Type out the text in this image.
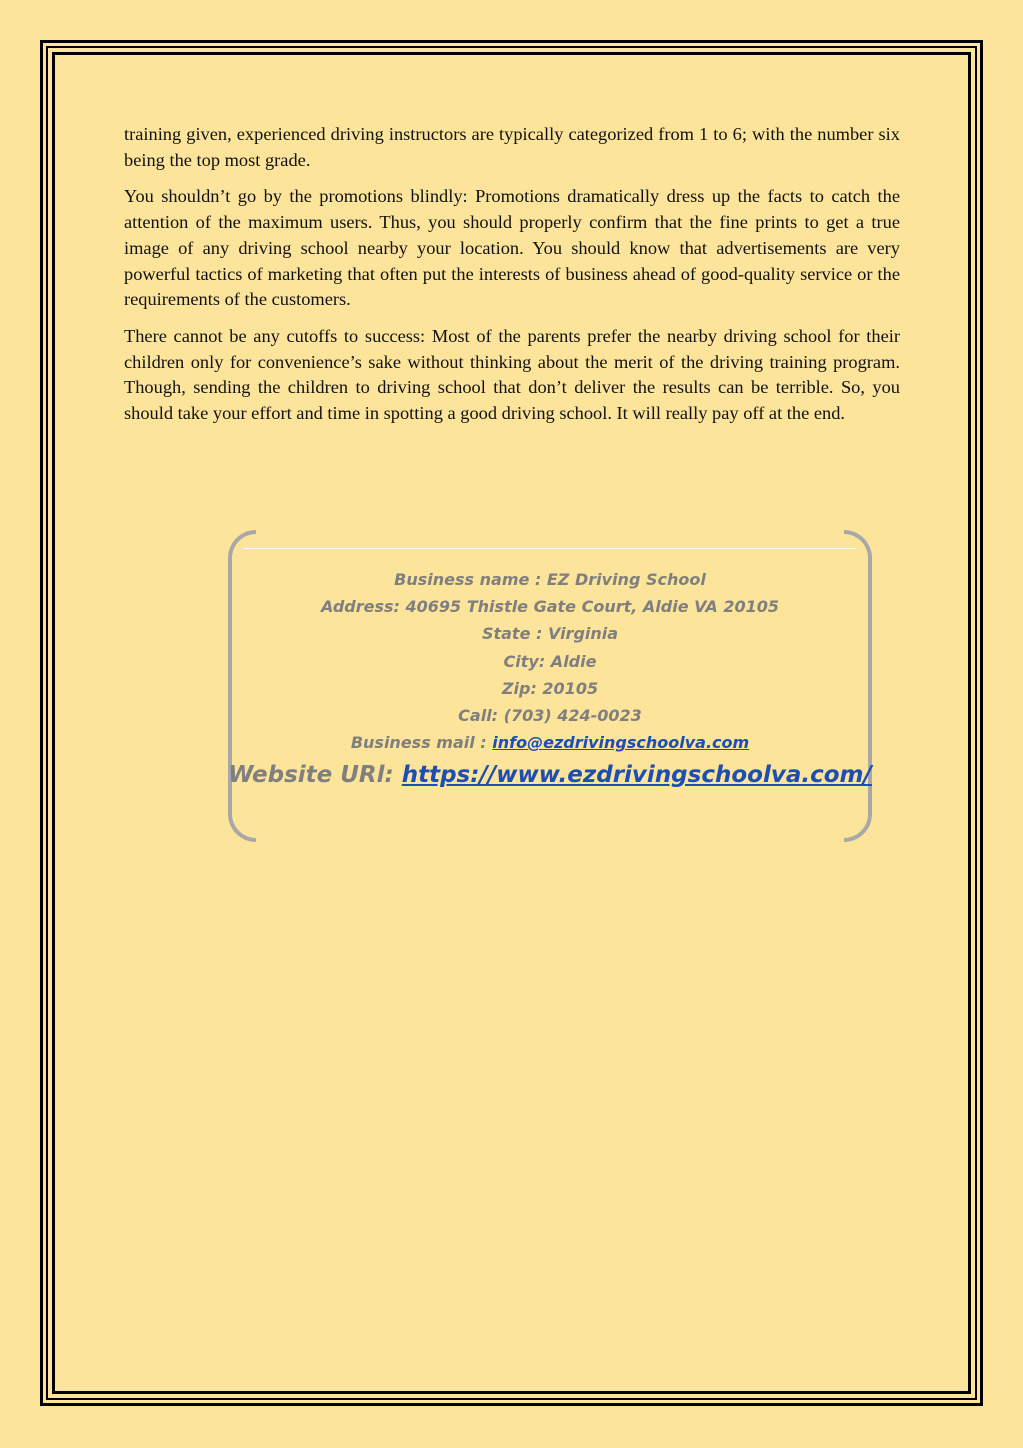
training given, experienced driving instructors are typically categorized from 1 to 6; with the number six being the top most grade.

You shouldn’t go by the promotions blindly: Promotions dramatically dress up the facts to catch the attention of the maximum users. Thus, you should properly confirm that the fine prints to get a true image of any driving school nearby your location. You should know that advertisements are very powerful tactics of marketing that often put the interests of business ahead of good-quality service or the requirements of the customers.

There cannot be any cutoffs to success: Most of the parents prefer the nearby driving school for their children only for convenience’s sake without thinking about the merit of the driving training program. Though, sending the children to driving school that don’t deliver the results can be terrible. So, you should take your effort and time in spotting a good driving school. It will really pay off at the end.

Business name : EZ Driving School
Address: 40695 Thistle Gate Court, Aldie VA 20105
State : Virginia
City: Aldie
Zip: 20105
Call: (703) 424-0023
Business mail : info@ezdrivingschoolva.com
Website URl: https://www.ezdrivingschoolva.com/
